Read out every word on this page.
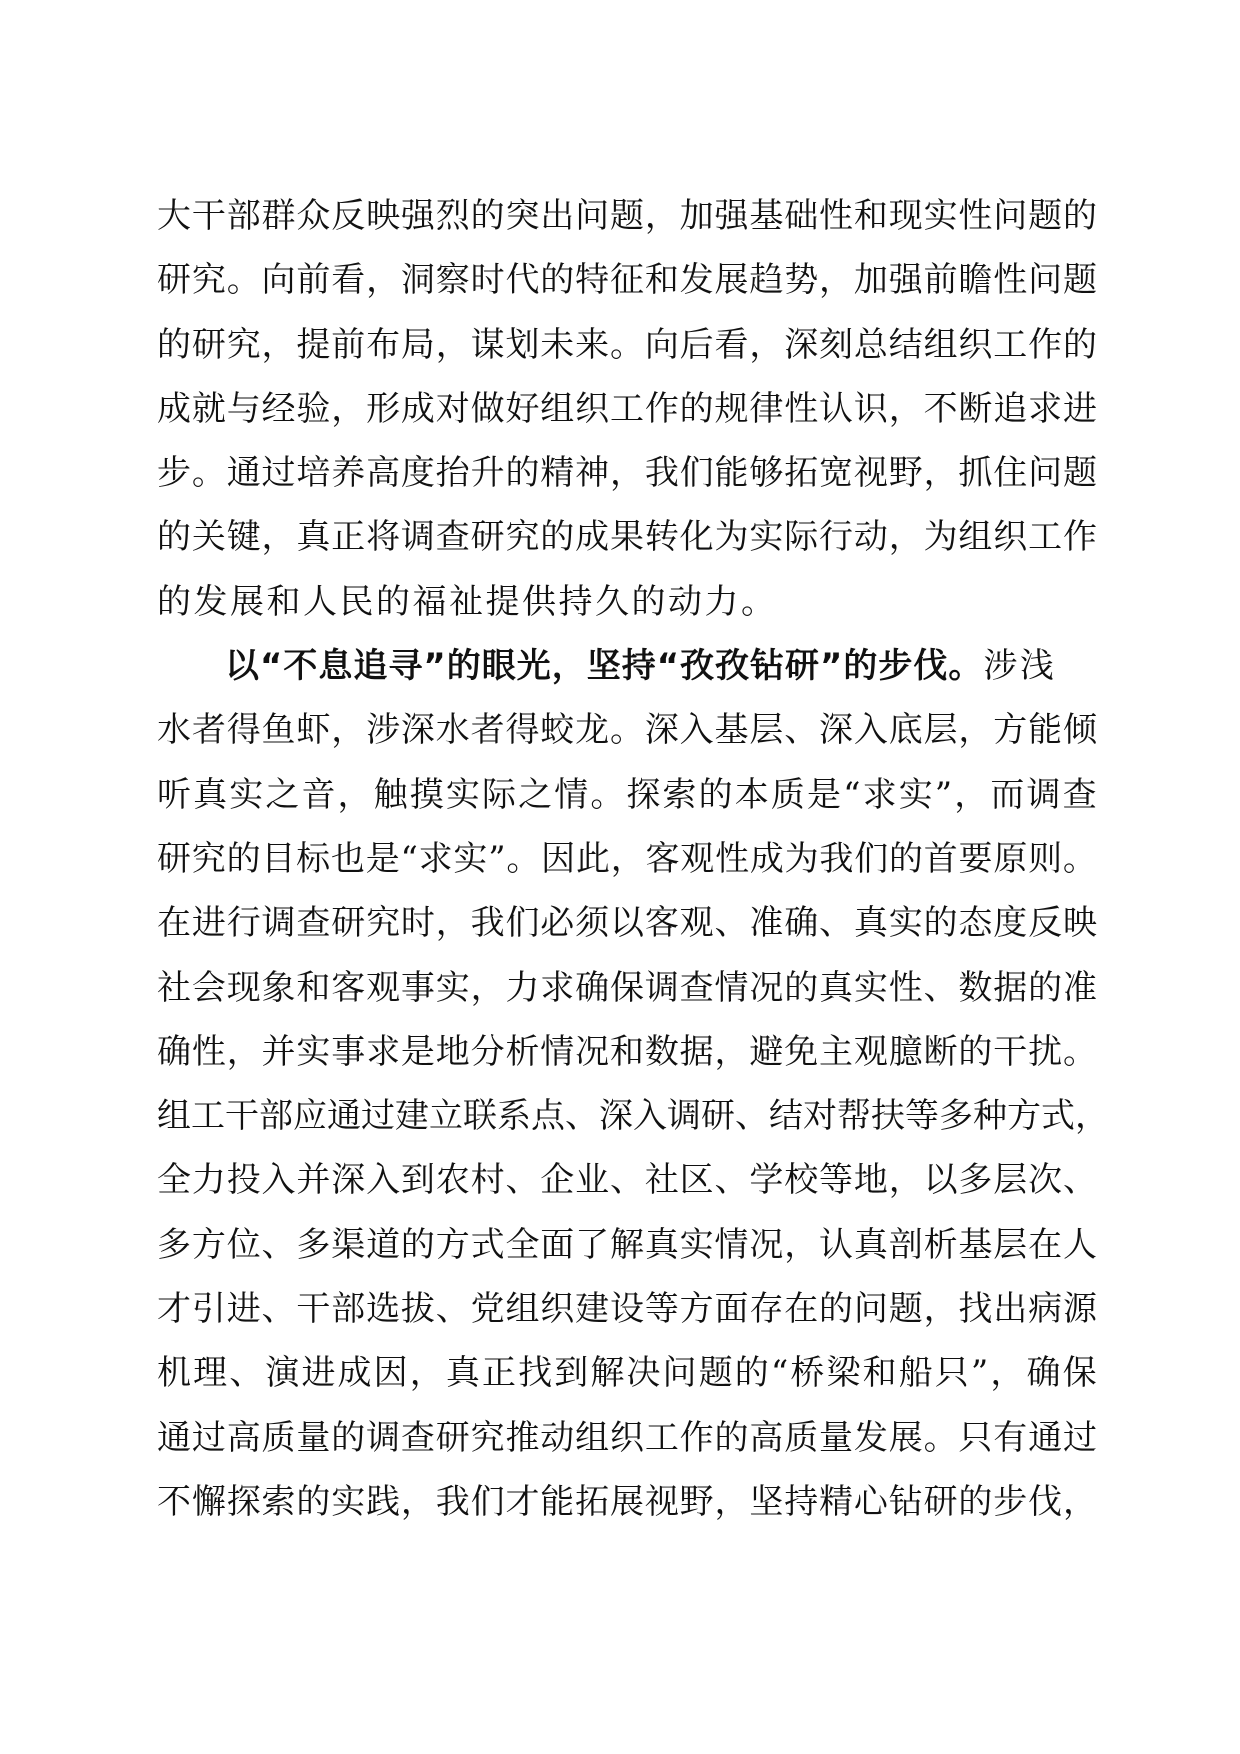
大 干 部 群 众 反 映 强 烈 的 突 出 问 题 ， 加 强 基 础 性 和 现 实 性 问 题 的
研 究 。 向 前 看 ， 洞 察 时 代 的 特 征 和 发 展 趋 势 ， 加 强 前 瞻 性 问 题
的 研 究 ， 提 前 布 局 ， 谋 划 未 来 。 向 后 看 ， 深 刻 总 结 组 织 工 作 的
成 就 与 经 验 ， 形 成 对 做 好 组 织 工 作 的 规 律 性 认 识 ， 不 断 追 求 进
步 。 通 过 培 养 高 度 抬 升 的 精 神 ， 我 们 能 够 拓 宽 视 野 ， 抓 住 问 题
的 关 键 ， 真 正 将 调 查 研 究 的 成 果 转 化 为 实 际 行 动 ， 为 组 织 工 作
的发展和人民的福祉提供持久的动力。
以“不息追寻”的眼光，坚持“孜孜钻研”的步伐。涉浅
水 者 得 鱼 虾 ， 涉 深 水 者 得 蛟 龙 。 深 入 基 层 、 深 入 底 层 ， 方 能 倾
听 真 实 之 音 ， 触 摸 实 际 之 情 。 探 索 的 本 质 是 “ 求 实 ” ， 而 调 查
研 究 的 目 标 也 是 “ 求 实 ” 。 因 此 ， 客 观 性 成 为 我 们 的 首 要 原 则 。
在 进 行 调 查 研 究 时 ， 我 们 必 须 以 客 观 、 准 确 、 真 实 的 态 度 反 映
社 会 现 象 和 客 观 事 实 ， 力 求 确 保 调 查 情 况 的 真 实 性 、 数 据 的 准
确 性 ， 并 实 事 求 是 地 分 析 情 况 和 数 据 ， 避 免 主 观 臆 断 的 干 扰 。
组 工 干 部 应 通 过 建 立 联 系 点 、 深 入 调 研 、 结 对 帮 扶 等 多 种 方 式 ，
全 力 投 入 并 深 入 到 农 村 、 企 业 、 社 区 、 学 校 等 地 ， 以 多 层 次 、
多 方 位 、 多 渠 道 的 方 式 全 面 了 解 真 实 情 况 ， 认 真 剖 析 基 层 在 人
才 引 进 、 干 部 选 拔 、 党 组 织 建 设 等 方 面 存 在 的 问 题 ， 找 出 病 源
机 理 、 演 进 成 因 ， 真 正 找 到 解 决 问 题 的 “ 桥 梁 和 船 只 ” ， 确 保
通 过 高 质 量 的 调 查 研 究 推 动 组 织 工 作 的 高 质 量 发 展 。 只 有 通 过
不 懈 探 索 的 实 践 ， 我 们 才 能 拓 展 视 野 ， 坚 持 精 心 钻 研 的 步 伐 ，
